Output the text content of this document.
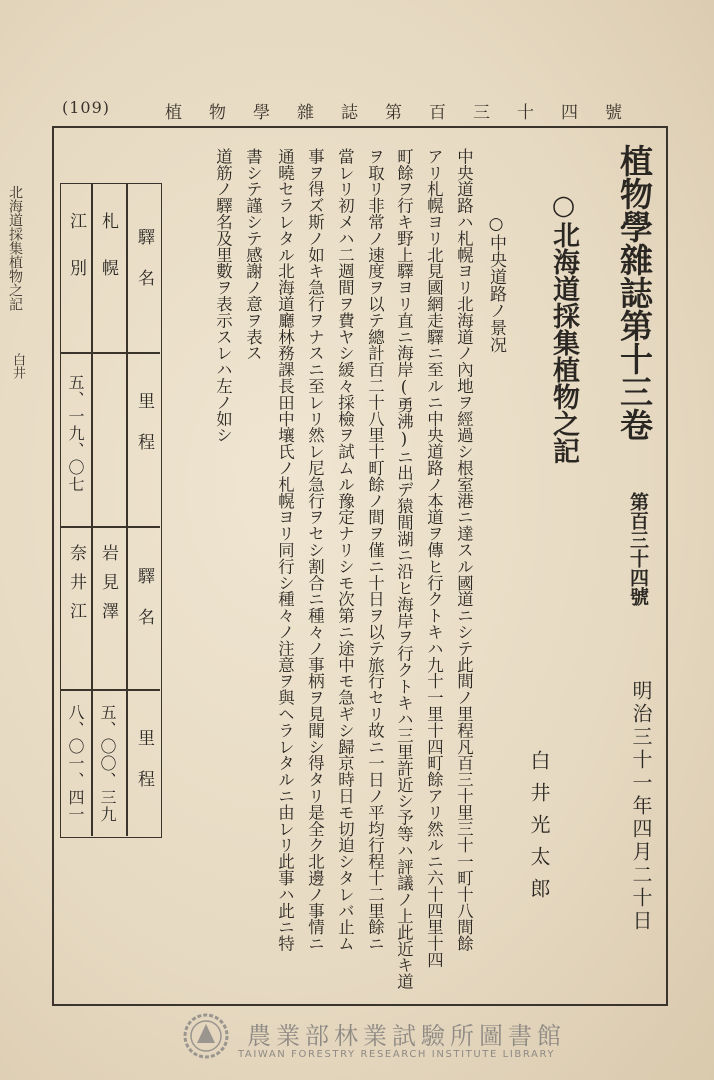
(109)	植物學雜誌第百三十四號
北海道採集植物之記
白井	植物學雜誌第十三卷
第百三十四號
明治三十一年四月二十日
○北海道採集植物之記
白井光太郎
○中央道路ノ景况
中央道路ハ札幌ヨリ北海道ノ內地ヲ經過シ根室港ニ達スル國道ニシテ此間ノ里程凡百三十里三十一町十八間餘
アリ札幌ヨリ北見國網走驛ニ至ルニ中央道路ノ本道ヲ傳ヒ行クトキハ九十一里十四町餘アリ然ルニ六十四里十四
町餘ヲ行キ野上驛ヨリ直ニ海岸(勇沸)ニ出デ猿間湖ニ沿ヒ海岸ヲ行クトキハ三里許近シ予等ハ評議ノ上此近キ道
ヲ取リ非常ノ速度ヲ以テ總計百二十八里十町餘ノ間ヲ僅ニ十日ヲ以テ旅行セリ故ニ一日ノ平均行程十二里餘ニ
當レリ初メハ二週間ヲ費ヤシ緩々採檢ヲ試ムル豫定ナリシモ次第ニ途中モ急ギシ歸京時日モ切迫シタレバ止ム
事ヲ得ズ斯ノ如キ急行ヲナスニ至レリ然レ尼急行ヲセシ割合ニ種々ノ事柄ヲ見聞シ得タリ是全ク北邊ノ事情ニ
通曉セラレタル北海道廳林務課長田中壤氏ノ札幌ヨリ同行シ種々ノ注意ヲ與ヘラレタルニ由レリ此事ハ此ニ特
書シテ謹シテ感謝ノ意ヲ表ス
道筋ノ驛名及里數ヲ表示スレハ左ノ如シ
驛名
里程
驛名
里程
札幌
江別
岩見澤
奈井江
五、一九、〇七
五、〇〇、三九
八、〇一、四一
農業部林業試驗所圖書館
TAIWAN FORESTRY RESEARCH INSTITUTE LIBRARY
